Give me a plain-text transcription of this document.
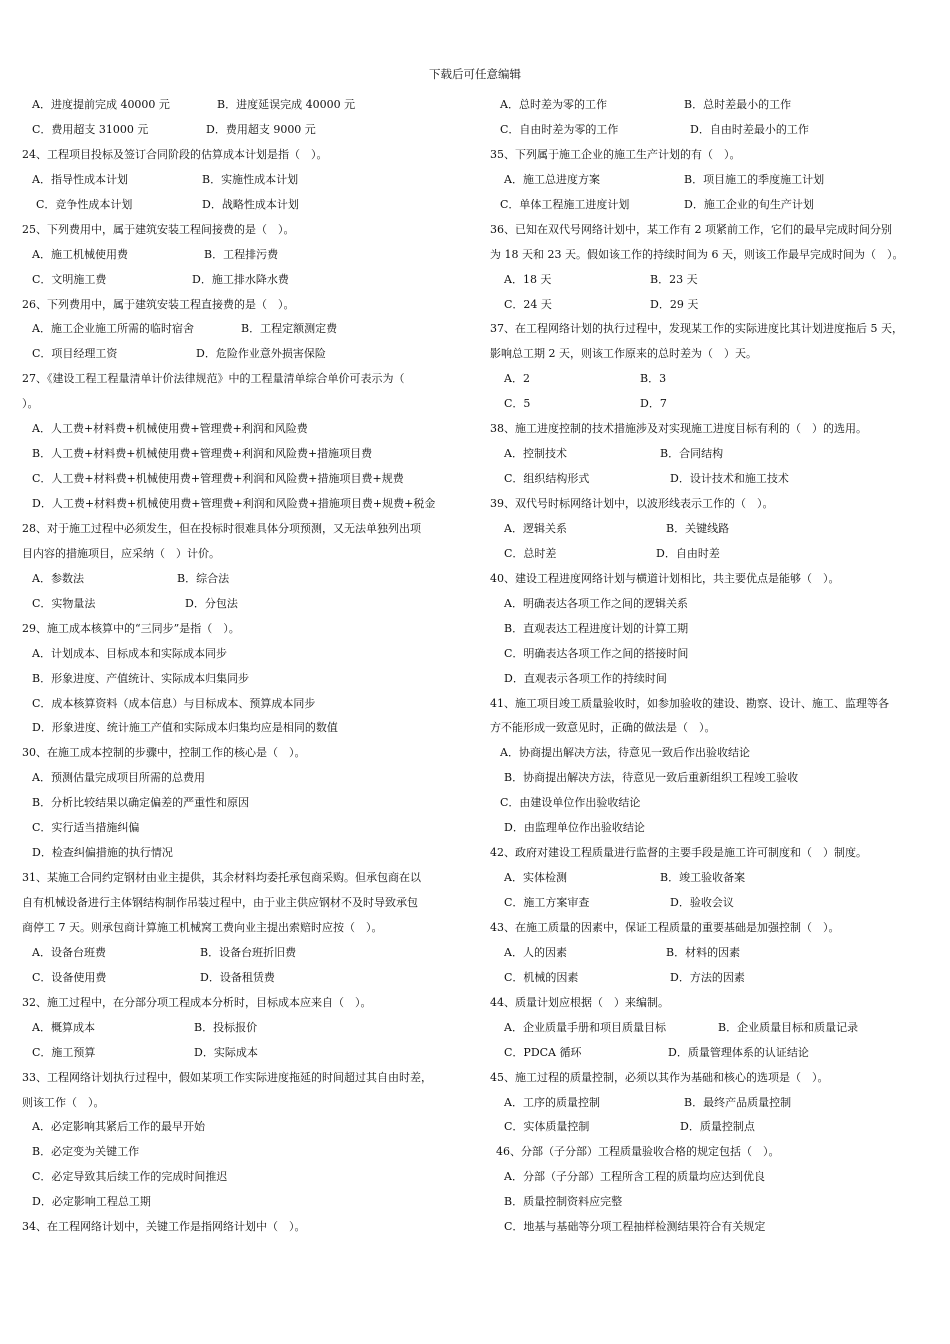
下载后可任意编辑
A．进度提前完成 40000 元	B．进度延误完成 40000 元
C．费用超支 31000 元	D．费用超支 9000 元
24、工程项目投标及签订合同阶段的估算成本计划是指（　）。
A．指导性成本计划	B．实施性成本计划
C．竞争性成本计划	D．战略性成本计划
25、下列费用中，属于建筑安装工程间接费的是（　）。
A．施工机械使用费	B．工程排污费
C．文明施工费	D．施工排水降水费
26、下列费用中，属于建筑安装工程直接费的是（　）。
A．施工企业施工所需的临时宿舍	B．工程定额测定费
C．项目经理工资	D．危险作业意外损害保险
27、《建设工程工程量清单计价法律规范》中的工程量清单综合单价可表示为（
）。
A．人工费+材料费+机械使用费+管理费+利润和风险费
B．人工费+材料费+机械使用费+管理费+利润和风险费+措施项目费
C．人工费+材料费+机械使用费+管理费+利润和风险费+措施项目费+规费
D．人工费+材料费+机械使用费+管理费+利润和风险费+措施项目费+规费+税金
28、对于施工过程中必须发生，但在投标时很难具体分项预测，又无法单独列出项
目内容的措施项目，应采纳（　）计价。
A．参数法	B．综合法
C．实物量法	D．分包法
29、施工成本核算中的“三同步”是指（　）。
A．计划成本、目标成本和实际成本同步
B．形象进度、产值统计、实际成本归集同步
C．成本核算资料（成本信息）与目标成本、预算成本同步
D．形象进度、统计施工产值和实际成本归集均应是相同的数值
30、在施工成本控制的步骤中，控制工作的核心是（　）。
A．预测估量完成项目所需的总费用
B．分析比较结果以确定偏差的严重性和原因
C．实行适当措施纠偏
D．检查纠偏措施的执行情况
31、某施工合同约定钢材由业主提供，其余材料均委托承包商采购。但承包商在以
自有机械设备进行主体钢结构制作吊装过程中，由于业主供应钢材不及时导致承包
商停工 7 天。则承包商计算施工机械窝工费向业主提出索赔时应按（　）。
A．设备台班费	B．设备台班折旧费
C．设备使用费	D．设备租赁费
32、施工过程中，在分部分项工程成本分析时，目标成本应来自（　）。
A．概算成本	B．投标报价
C．施工预算	D．实际成本
33、工程网络计划执行过程中，假如某项工作实际进度拖延的时间超过其自由时差，
则该工作（　）。
A．必定影响其紧后工作的最早开始
B．必定变为关键工作
C．必定导致其后续工作的完成时间推迟
D．必定影响工程总工期
34、在工程网络计划中，关键工作是指网络计划中（　）。
A．总时差为零的工作	B．总时差最小的工作
C．自由时差为零的工作	D．自由时差最小的工作
35、下列属于施工企业的施工生产计划的有（　）。
A．施工总进度方案	B．项目施工的季度施工计划
C．单体工程施工进度计划	D．施工企业的旬生产计划
36、已知在双代号网络计划中，某工作有 2 项紧前工作，它们的最早完成时间分别
为 18 天和 23 天。假如该工作的持续时间为 6 天，则该工作最早完成时间为（　）。
A．18 天	B．23 天
C．24 天	D．29 天
37、在工程网络计划的执行过程中，发现某工作的实际进度比其计划进度拖后 5 天，
影响总工期 2 天，则该工作原来的总时差为（　）天。
A．2	B．3
C．5	D．7
38、施工进度控制的技术措施涉及对实现施工进度目标有利的（　）的选用。
A．控制技术	B．合同结构
C．组织结构形式	D．设计技术和施工技术
39、双代号时标网络计划中，以波形线表示工作的（　）。
A．逻辑关系	B．关键线路
C．总时差	D．自由时差
40、建设工程进度网络计划与横道计划相比，共主要优点是能够（　）。
A．明确表达各项工作之间的逻辑关系
B．直观表达工程进度计划的计算工期
C．明确表达各项工作之间的搭接时间
D．直观表示各项工作的持续时间
41、施工项目竣工质量验收时，如参加验收的建设、勘察、设计、施工、监理等各
方不能形成一致意见时，正确的做法是（　）。
A．协商提出解决方法，待意见一致后作出验收结论
B．协商提出解决方法，待意见一致后重新组织工程竣工验收
C．由建设单位作出验收结论
D．由监理单位作出验收结论
42、政府对建设工程质量进行监督的主要手段是施工许可制度和（　）制度。
A．实体检测	B．竣工验收备案
C．施工方案审查	D．验收会议
43、在施工质量的因素中，保证工程质量的重要基础是加强控制（　）。
A．人的因素	B．材料的因素
C．机械的因素	D．方法的因素
44、质量计划应根据（　）来编制。
A．企业质量手册和项目质量目标	B．企业质量目标和质量记录
C．PDCA 循环	D．质量管理体系的认证结论
45、施工过程的质量控制，必须以其作为基础和核心的选项是（　）。
A．工序的质量控制	B．最终产品质量控制
C．实体质量控制	D．质量控制点
46、分部（子分部）工程质量验收合格的规定包括（　）。
A．分部（子分部）工程所含工程的质量均应达到优良
B．质量控制资料应完整
C．地基与基础等分项工程抽样检测结果符合有关规定
